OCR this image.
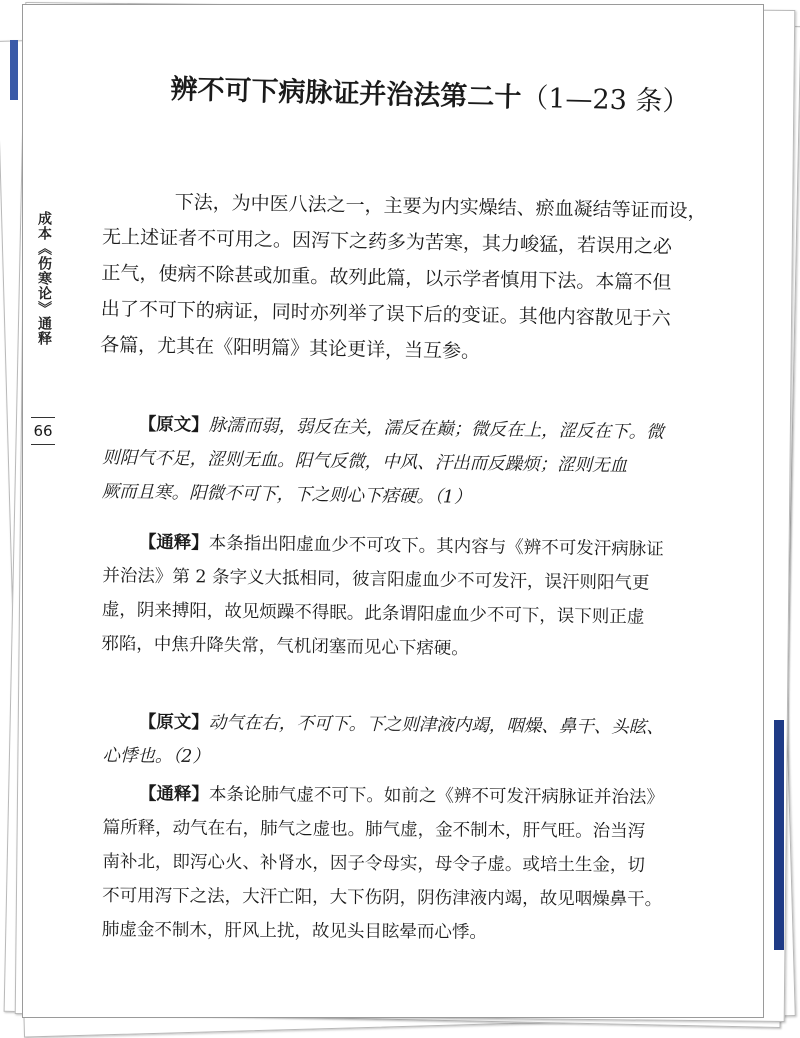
成本《伤寒论》通释
66
辨不可下病脉证并治法第二十（1—23 条）
下法，为中医八法之一，主要为内实燥结、瘀血凝结等证而设，
无上述证者不可用之。因泻下之药多为苦寒，其力峻猛，若误用之必
正气，使病不除甚或加重。故列此篇，以示学者慎用下法。本篇不但
出了不可下的病证，同时亦列举了误下后的变证。其他内容散见于六
各篇，尤其在《阳明篇》其论更详，当互参。
【原文】脉濡而弱，弱反在关，濡反在巅；微反在上，涩反在下。微
则阳气不足，涩则无血。阳气反微，中风、汗出而反躁烦；涩则无血
厥而且寒。阳微不可下，下之则心下痞硬。（1）
【通释】本条指出阳虚血少不可攻下。其内容与《辨不可发汗病脉证
并治法》第 2 条字义大抵相同，彼言阳虚血少不可发汗，误汗则阳气更
虚，阴来搏阳，故见烦躁不得眠。此条谓阳虚血少不可下，误下则正虚
邪陷，中焦升降失常，气机闭塞而见心下痞硬。
【原文】动气在右，不可下。下之则津液内竭，咽燥、鼻干、头眩、
心悸也。（2）
【通释】本条论肺气虚不可下。如前之《辨不可发汗病脉证并治法》
篇所释，动气在右，肺气之虚也。肺气虚，金不制木，肝气旺。治当泻
南补北，即泻心火、补肾水，因子令母实，母令子虚。或培土生金，切
不可用泻下之法，大汗亡阳，大下伤阴，阴伤津液内竭，故见咽燥鼻干。
肺虚金不制木，肝风上扰，故见头目眩晕而心悸。
